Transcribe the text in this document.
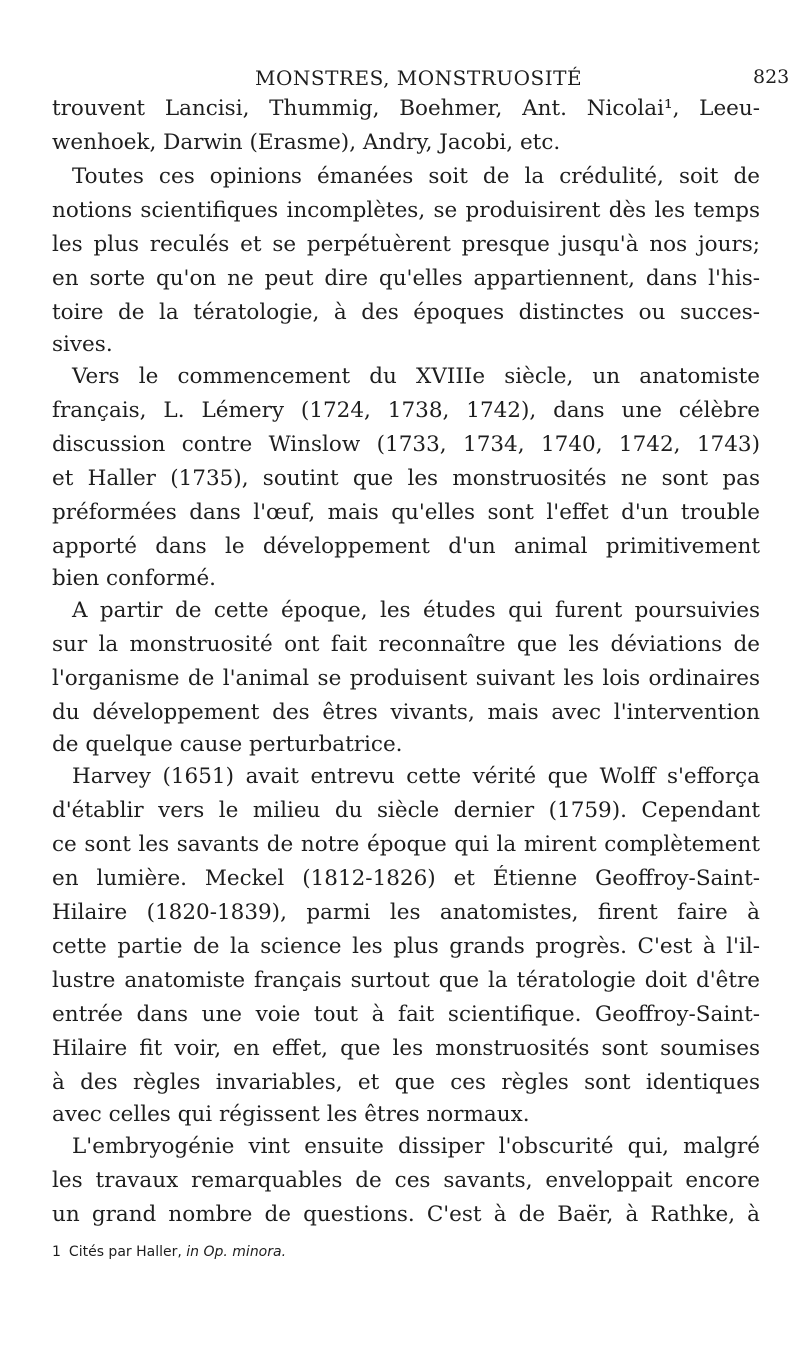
MONSTRES, MONSTRUOSITÉ	823
trouvent Lancisi, Thummig, Boehmer, Ant. Nicolai¹, Leeu-
wenhoek, Darwin (Erasme), Andry, Jacobi, etc.
Toutes ces opinions émanées soit de la crédulité, soit de
notions scientifiques incomplètes, se produisirent dès les temps
les plus reculés et se perpétuèrent presque jusqu'à nos jours;
en sorte qu'on ne peut dire qu'elles appartiennent, dans l'his-
toire de la tératologie, à des époques distinctes ou succes-
sives.
Vers le commencement du XVIIIe siècle, un anatomiste
français, L. Lémery (1724, 1738, 1742), dans une célèbre
discussion contre Winslow (1733, 1734, 1740, 1742, 1743)
et Haller (1735), soutint que les monstruosités ne sont pas
préformées dans l'œuf, mais qu'elles sont l'effet d'un trouble
apporté dans le développement d'un animal primitivement
bien conformé.
A partir de cette époque, les études qui furent poursuivies
sur la monstruosité ont fait reconnaître que les déviations de
l'organisme de l'animal se produisent suivant les lois ordinaires
du développement des êtres vivants, mais avec l'intervention
de quelque cause perturbatrice.
Harvey (1651) avait entrevu cette vérité que Wolff s'efforça
d'établir vers le milieu du siècle dernier (1759). Cependant
ce sont les savants de notre époque qui la mirent complètement
en lumière. Meckel (1812-1826) et Étienne Geoffroy-Saint-
Hilaire (1820-1839), parmi les anatomistes, firent faire à
cette partie de la science les plus grands progrès. C'est à l'il-
lustre anatomiste français surtout que la tératologie doit d'être
entrée dans une voie tout à fait scientifique. Geoffroy-Saint-
Hilaire fit voir, en effet, que les monstruosités sont soumises
à des règles invariables, et que ces règles sont identiques
avec celles qui régissent les êtres normaux.
L'embryogénie vint ensuite dissiper l'obscurité qui, malgré
les travaux remarquables de ces savants, enveloppait encore
un grand nombre de questions. C'est à de Baër, à Rathke, à
1 Cités par Haller, in Op. minora.
